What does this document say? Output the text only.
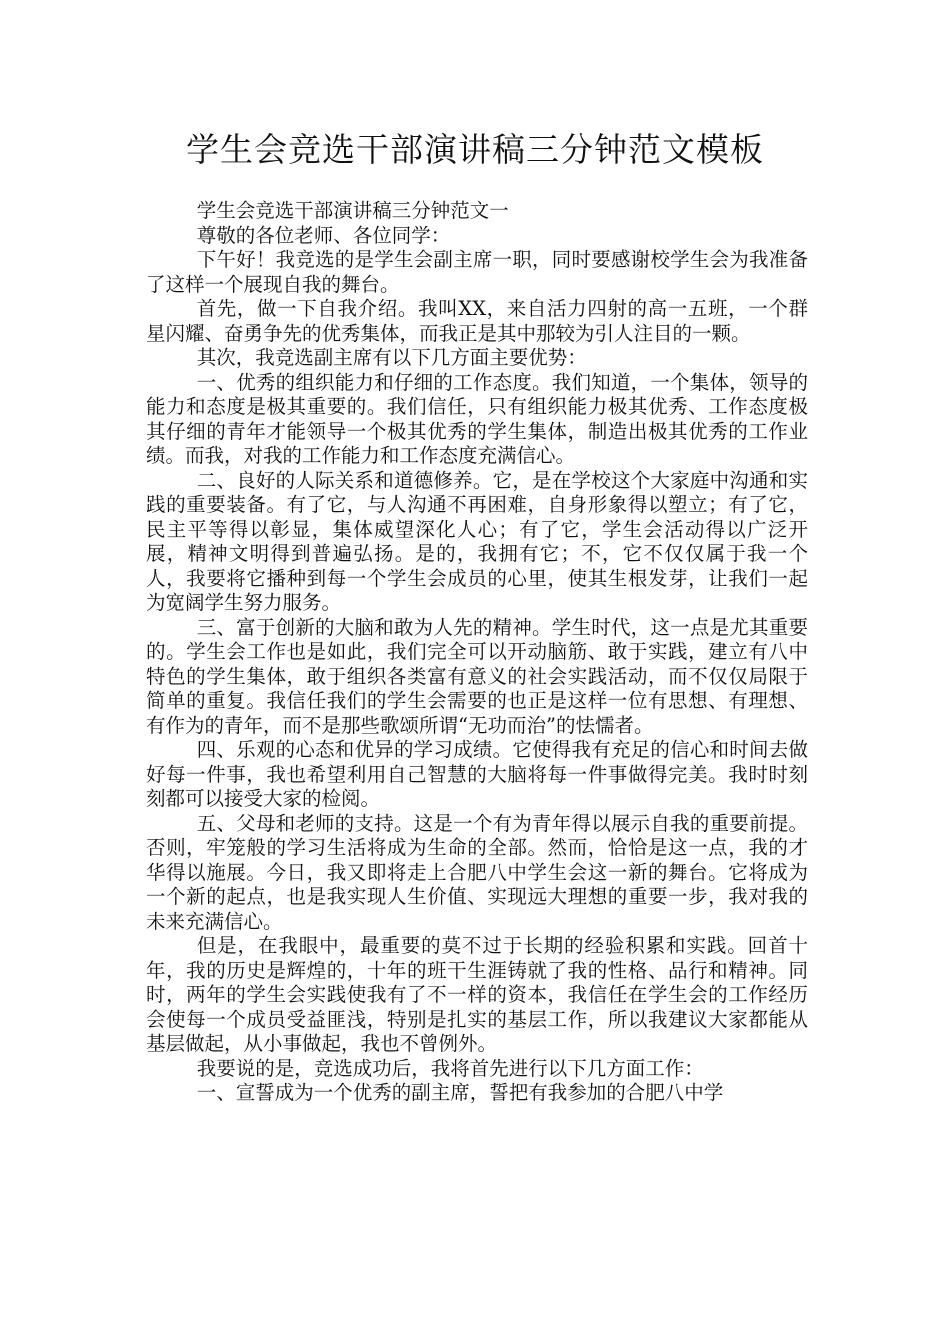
学生会竞选干部演讲稿三分钟范文模板

学生会竞选干部演讲稿三分钟范文一

尊敬的各位老师、各位同学：

下午好！我竞选的是学生会副主席一职，同时要感谢校学生会为我准备了这样一个展现自我的舞台。

首先，做一下自我介绍。我叫XX，来自活力四射的高一五班，一个群星闪耀、奋勇争先的优秀集体，而我正是其中那较为引人注目的一颗。

其次，我竞选副主席有以下几方面主要优势：

一、优秀的组织能力和仔细的工作态度。我们知道，一个集体，领导的能力和态度是极其重要的。我们信任，只有组织能力极其优秀、工作态度极其仔细的青年才能领导一个极其优秀的学生集体，制造出极其优秀的工作业绩。而我，对我的工作能力和工作态度充满信心。

二、良好的人际关系和道德修养。它，是在学校这个大家庭中沟通和实践的重要装备。有了它，与人沟通不再困难，自身形象得以塑立；有了它，民主平等得以彰显，集体威望深化人心；有了它，学生会活动得以广泛开展，精神文明得到普遍弘扬。是的，我拥有它；不，它不仅仅属于我一个人，我要将它播种到每一个学生会成员的心里，使其生根发芽，让我们一起为宽阔学生努力服务。

三、富于创新的大脑和敢为人先的精神。学生时代，这一点是尤其重要的。学生会工作也是如此，我们完全可以开动脑筋、敢于实践，建立有八中特色的学生集体，敢于组织各类富有意义的社会实践活动，而不仅仅局限于简单的重复。我信任我们的学生会需要的也正是这样一位有思想、有理想、有作为的青年，而不是那些歌颂所谓“无功而治”的怯懦者。

四、乐观的心态和优异的学习成绩。它使得我有充足的信心和时间去做好每一件事，我也希望利用自己智慧的大脑将每一件事做得完美。我时时刻刻都可以接受大家的检阅。

五、父母和老师的支持。这是一个有为青年得以展示自我的重要前提。否则，牢笼般的学习生活将成为生命的全部。然而，恰恰是这一点，我的才华得以施展。今日，我又即将走上合肥八中学生会这一新的舞台。它将成为一个新的起点，也是我实现人生价值、实现远大理想的重要一步，我对我的未来充满信心。

但是，在我眼中，最重要的莫不过于长期的经验积累和实践。回首十年，我的历史是辉煌的，十年的班干生涯铸就了我的性格、品行和精神。同时，两年的学生会实践使我有了不一样的资本，我信任在学生会的工作经历会使每一个成员受益匪浅，特别是扎实的基层工作，所以我建议大家都能从基层做起，从小事做起，我也不曾例外。

我要说的是，竞选成功后，我将首先进行以下几方面工作：

一、宣誓成为一个优秀的副主席，誓把有我参加的合肥八中学
